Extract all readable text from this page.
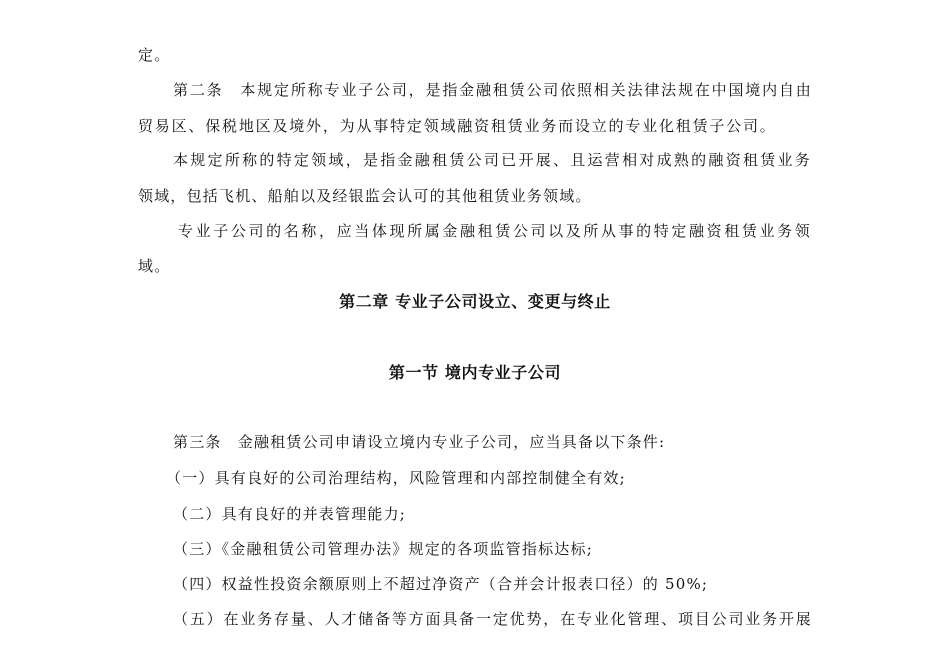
定。
第二条　本规定所称专业子公司，是指金融租赁公司依照相关法律法规在中国境内自由
贸易区、保税地区及境外，为从事特定领域融资租赁业务而设立的专业化租赁子公司。
本规定所称的特定领域，是指金融租赁公司已开展、且运营相对成熟的融资租赁业务
领域，包括飞机、船舶以及经银监会认可的其他租赁业务领域。
专业子公司的名称，应当体现所属金融租赁公司以及所从事的特定融资租赁业务领
域。
第二章 专业子公司设立、变更与终止
第一节 境内专业子公司
第三条　金融租赁公司申请设立境内专业子公司，应当具备以下条件:
（一）具有良好的公司治理结构，风险管理和内部控制健全有效;
（二）具有良好的并表管理能力;
（三）《金融租赁公司管理办法》规定的各项监管指标达标;
（四）权益性投资余额原则上不超过净资产（合并会计报表口径）的 50%;
（五）在业务存量、人才储备等方面具备一定优势，在专业化管理、项目公司业务开展
